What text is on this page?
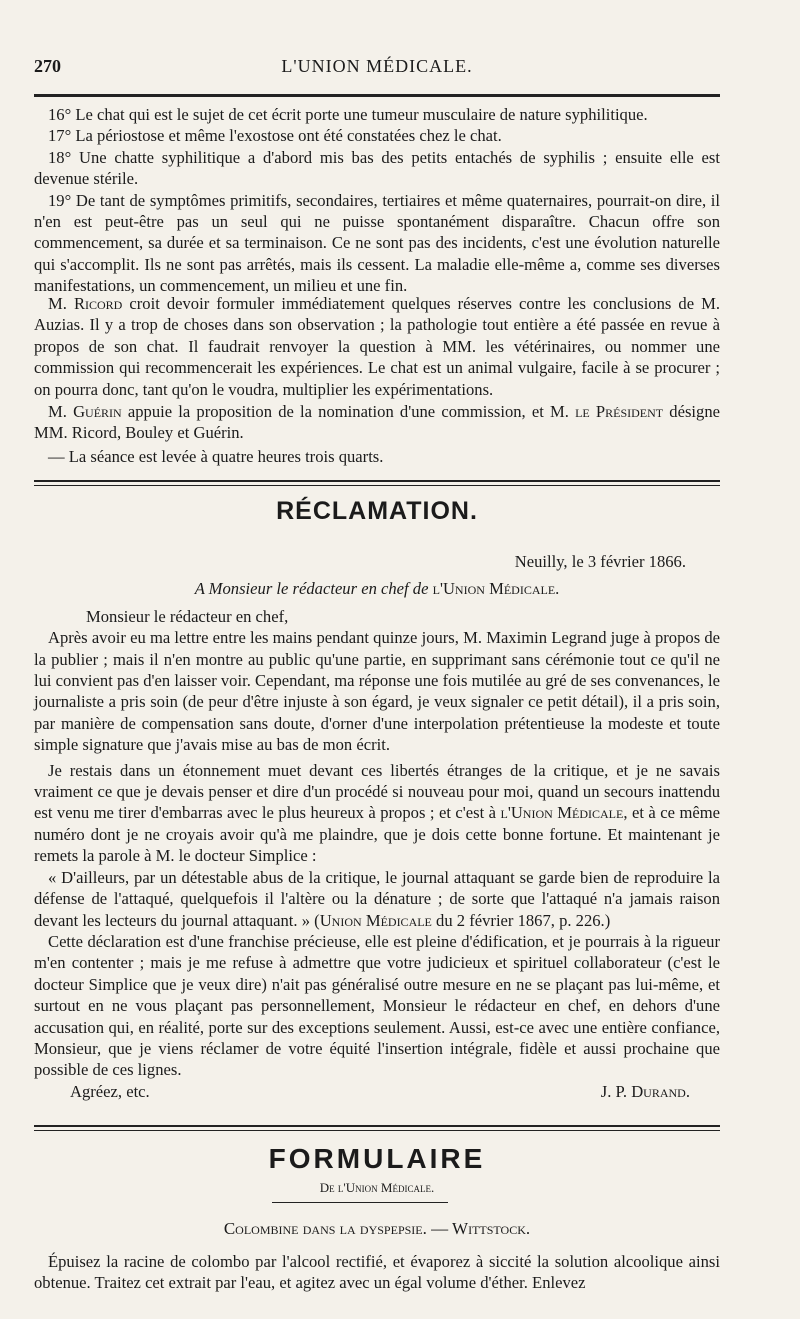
270	L'UNION MÉDICALE.

16° Le chat qui est le sujet de cet écrit porte une tumeur musculaire de nature syphilitique.

17° La périostose et même l'exostose ont été constatées chez le chat.

18° Une chatte syphilitique a d'abord mis bas des petits entachés de syphilis ; ensuite elle est devenue stérile.

19° De tant de symptômes primitifs, secondaires, tertiaires et même quaternaires, pourrait-on dire, il n'en est peut-être pas un seul qui ne puisse spontanément disparaître. Chacun offre son commencement, sa durée et sa terminaison. Ce ne sont pas des incidents, c'est une évolution naturelle qui s'accomplit. Ils ne sont pas arrêtés, mais ils cessent. La maladie elle-même a, comme ses diverses manifestations, un commencement, un milieu et une fin.

M. Ricord croit devoir formuler immédiatement quelques réserves contre les conclusions de M. Auzias. Il y a trop de choses dans son observation ; la pathologie tout entière a été passée en revue à propos de son chat. Il faudrait renvoyer la question à MM. les vétérinaires, ou nommer une commission qui recommencerait les expériences. Le chat est un animal vulgaire, facile à se procurer ; on pourra donc, tant qu'on le voudra, multiplier les expérimentations.

M. Guérin appuie la proposition de la nomination d'une commission, et M. le Président désigne MM. Ricord, Bouley et Guérin.

— La séance est levée à quatre heures trois quarts.

RÉCLAMATION.

Neuilly, le 3 février 1866.

A Monsieur le rédacteur en chef de l'Union Médicale.

Monsieur le rédacteur en chef,

Après avoir eu ma lettre entre les mains pendant quinze jours, M. Maximin Legrand juge à propos de la publier ; mais il n'en montre au public qu'une partie, en supprimant sans cérémonie tout ce qu'il ne lui convient pas d'en laisser voir. Cependant, ma réponse une fois mutilée au gré de ses convenances, le journaliste a pris soin (de peur d'être injuste à son égard, je veux signaler ce petit détail), il a pris soin, par manière de compensation sans doute, d'orner d'une interpolation prétentieuse la modeste et toute simple signature que j'avais mise au bas de mon écrit.

Je restais dans un étonnement muet devant ces libertés étranges de la critique, et je ne savais vraiment ce que je devais penser et dire d'un procédé si nouveau pour moi, quand un secours inattendu est venu me tirer d'embarras avec le plus heureux à propos ; et c'est à l'Union Médicale, et à ce même numéro dont je ne croyais avoir qu'à me plaindre, que je dois cette bonne fortune. Et maintenant je remets la parole à M. le docteur Simplice :

« D'ailleurs, par un détestable abus de la critique, le journal attaquant se garde bien de reproduire la défense de l'attaqué, quelquefois il l'altère ou la dénature ; de sorte que l'attaqué n'a jamais raison devant les lecteurs du journal attaquant. » (Union Médicale du 2 février 1867, p. 226.)

Cette déclaration est d'une franchise précieuse, elle est pleine d'édification, et je pourrais à la rigueur m'en contenter ; mais je me refuse à admettre que votre judicieux et spirituel collaborateur (c'est le docteur Simplice que je veux dire) n'ait pas généralisé outre mesure en ne se plaçant pas lui-même, et surtout en ne vous plaçant pas personnellement, Monsieur le rédacteur en chef, en dehors d'une accusation qui, en réalité, porte sur des exceptions seulement. Aussi, est-ce avec une entière confiance, Monsieur, que je viens réclamer de votre équité l'insertion intégrale, fidèle et aussi prochaine que possible de ces lignes.

Agréez, etc.	J. P. Durand.
FORMULAIRE
De l'Union Médicale.
Colombine dans la dyspepsie. — Wittstock.

Épuisez la racine de colombo par l'alcool rectifié, et évaporez à siccité la solution alcoolique ainsi obtenue. Traitez cet extrait par l'eau, et agitez avec un égal volume d'éther. Enlevez
